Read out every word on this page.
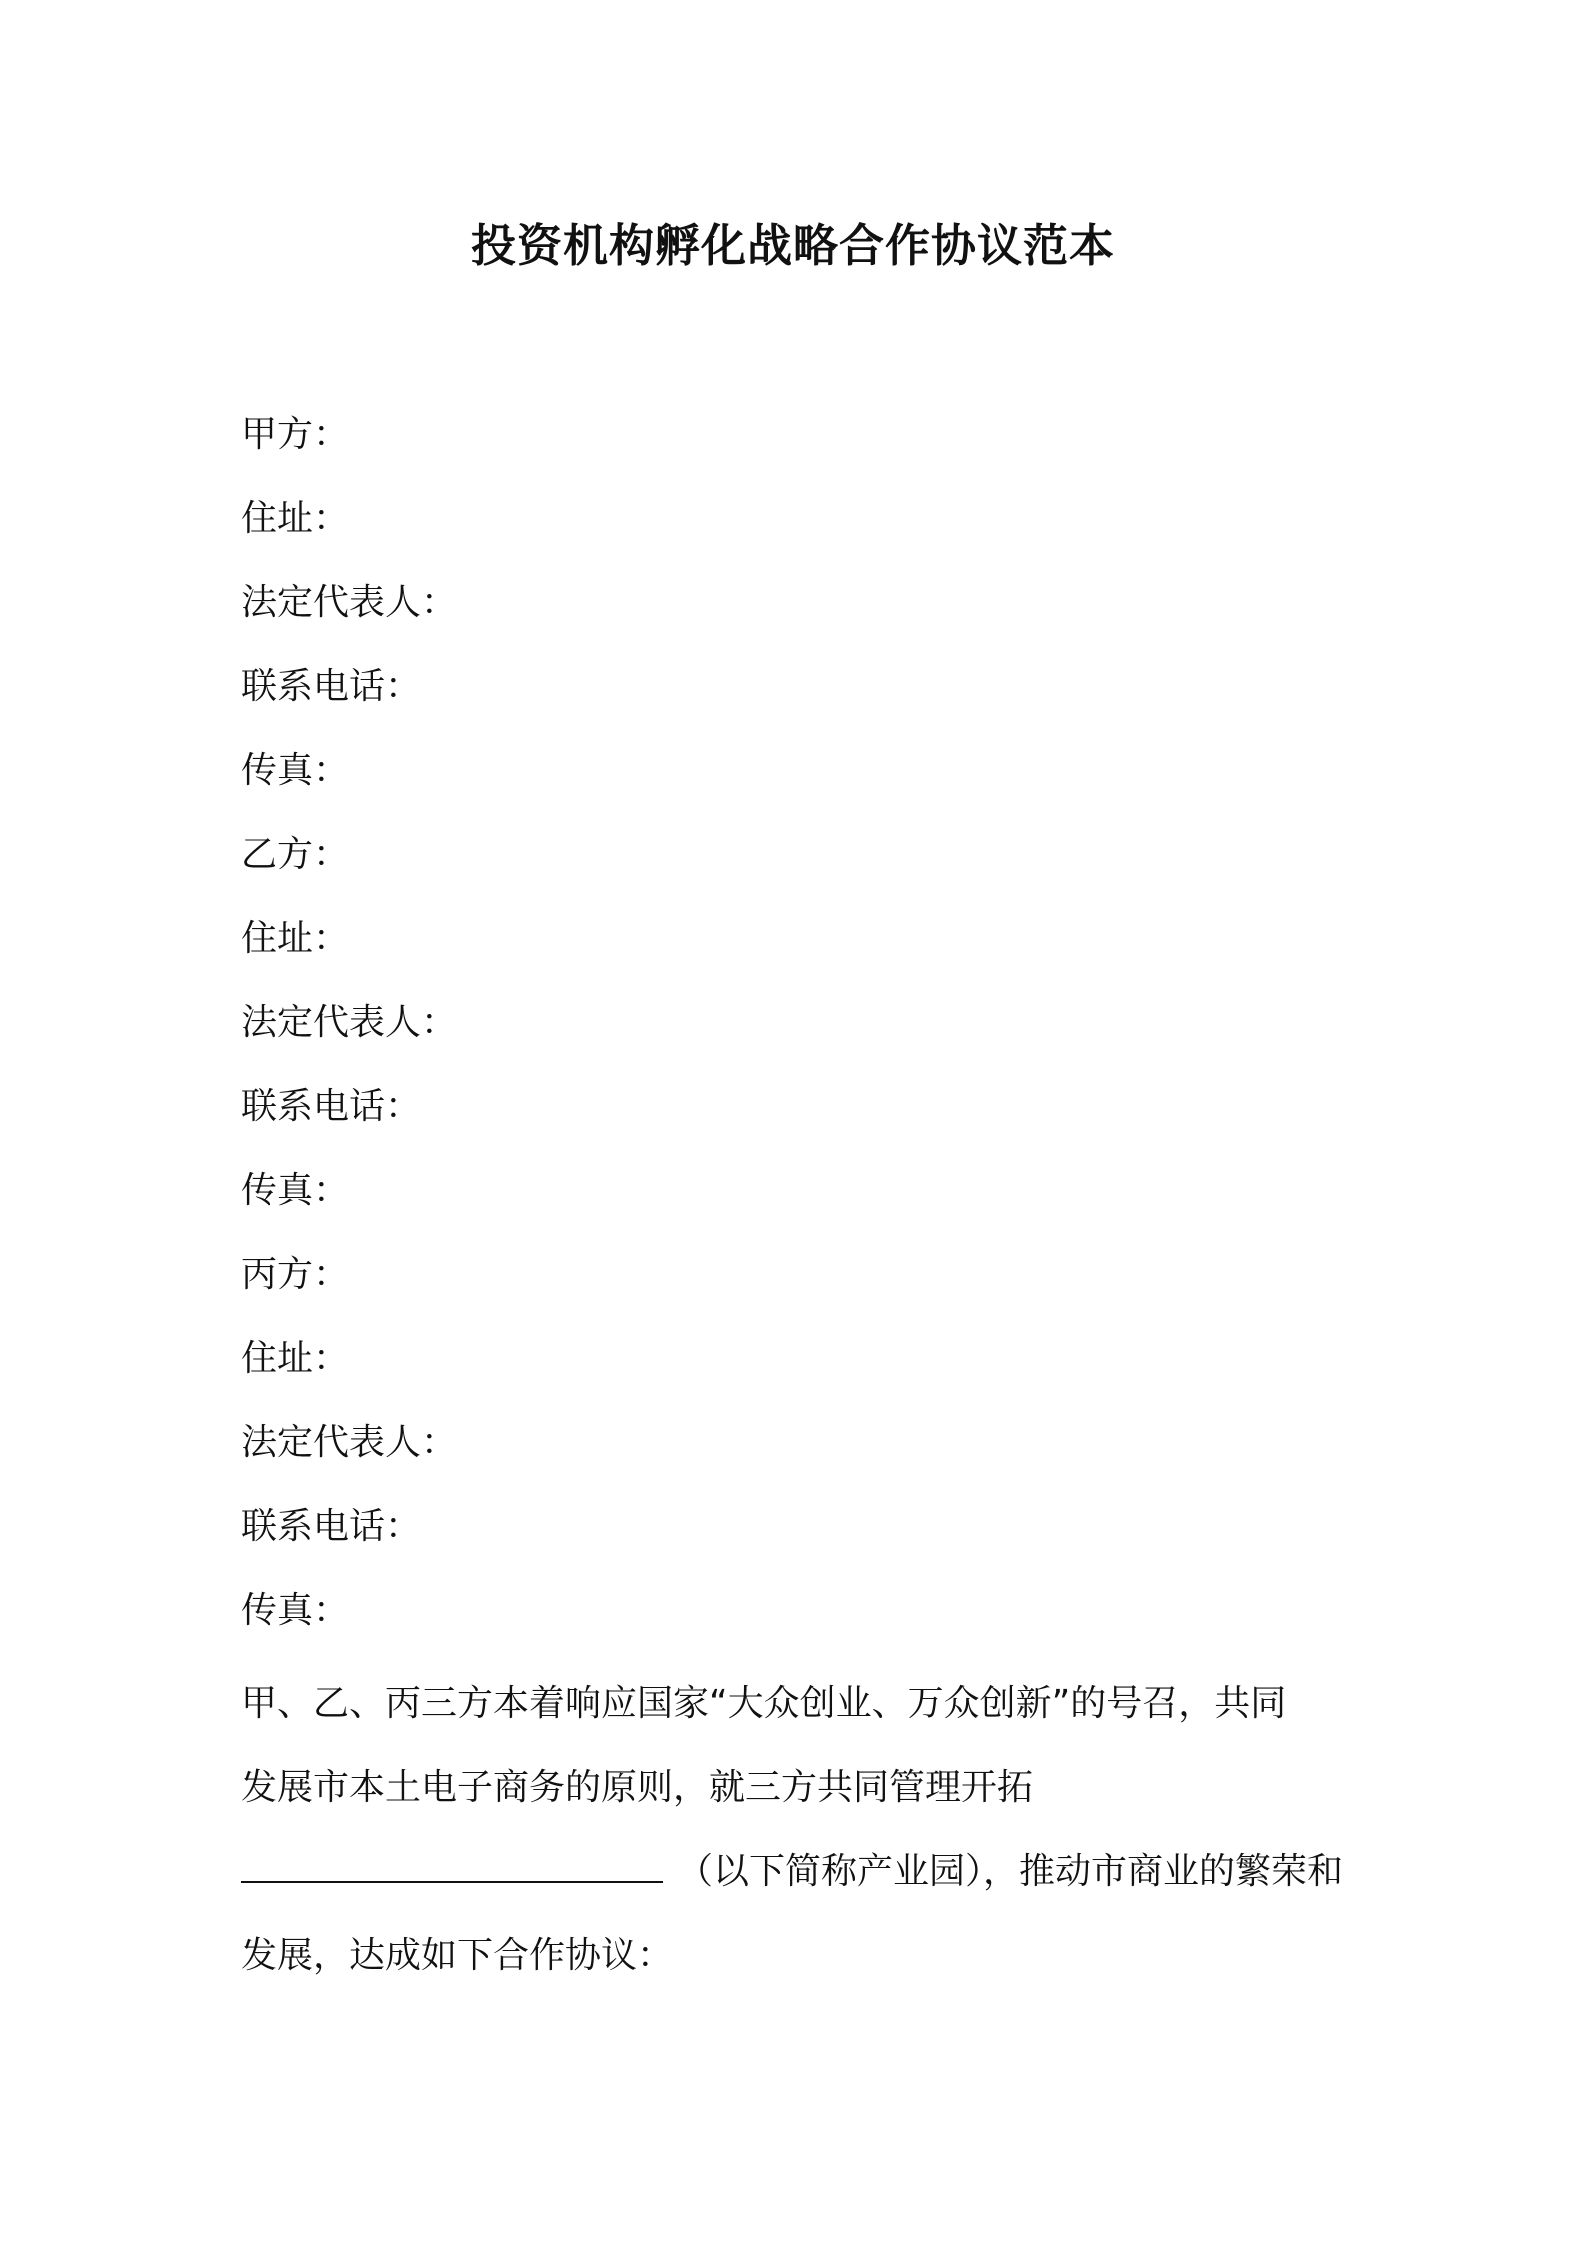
投资机构孵化战略合作协议范本
甲方：
住址：
法定代表人：
联系电话：
传真：
乙方：
住址：
法定代表人：
联系电话：
传真：
丙方：
住址：
法定代表人：
联系电话：
传真：
甲、乙、丙三方本着响应国家“大众创业、万众创新”的号召，共同
发展市本土电子商务的原则，就三方共同管理开拓
（以下简称产业园），推动市商业的繁荣和
发展，达成如下合作协议：
